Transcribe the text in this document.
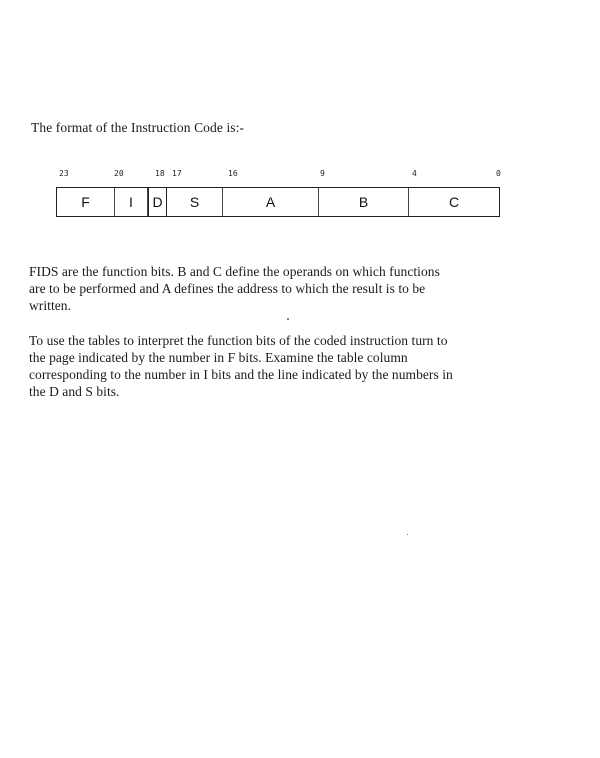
The format of the Instruction Code is:-
23	20	18 17	16	9	4	0
F	I	D	S	A	B	C
FIDS are the function bits. B and C define the operands on which functions
are to be performed and A defines the address to which the result is to be
written.
To use the tables to interpret the function bits of the coded instruction turn to
the page indicated by the number in F bits. Examine the table column
corresponding to the number in I bits and the line indicated by the numbers in
the D and S bits.
